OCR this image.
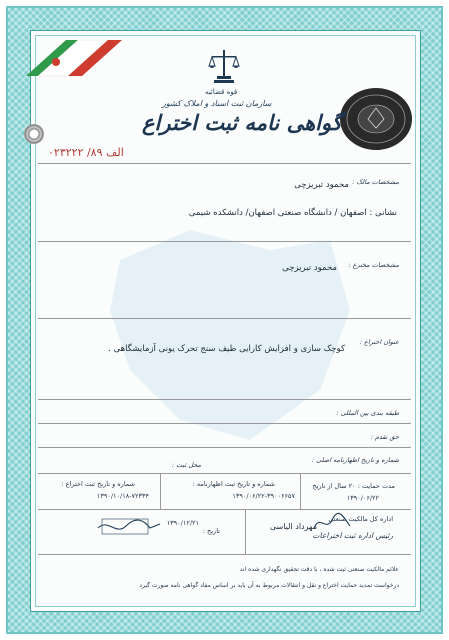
قوه قضائیه
سازمان ثبت اسناد و املاک کشور
گواهی نامه ثبت اختراع
الف ۸۹/ ۰۲۳۲۲۲
مشخصات مالک :
محمود تبریزچی
نشانی : اصفهان / دانشگاه صنعتی اصفهان/ دانشکده شیمی
مشخصات مخترع :
محمود تبریزچی
عنوان اختراع :
کوچک سازی و افزایش کارایی طیف سنج تحرک یونی آزمایشگاهی .
طبقه بندی بین المللی :
حق تقدم :
شماره و تاریخ اظهارنامه اصلی :
محل ثبت :
مدت حمایت : ۲۰ سال از تاریخ
۱۳۹۰/۰۶/۲۲
شماره و تاریخ ثبت اظهارنامه :
۱۳۹۰/۰۶/۲۲-۳۹۰۰۶۶۵۷
شماره و تاریخ ثبت اختراع :
۱۳۹۰/۱۰/۱۸-۷۲۳۳۴
اداره کل مالکیت صنعتی
مهرداد الیاسی
رئیس اداره ثبت اختراعات
تاریخ :
۱۳۹۰/۱۲/۲۱
علائم مالکیت صنعتی ثبت شده ، با دقت تحقیق نگهداری شده اند
درخواست تمدید حمایت اختراع و نقل و انتقالات مربوط به آن باید بر اساس مفاد گواهی نامه صورت گیرد
